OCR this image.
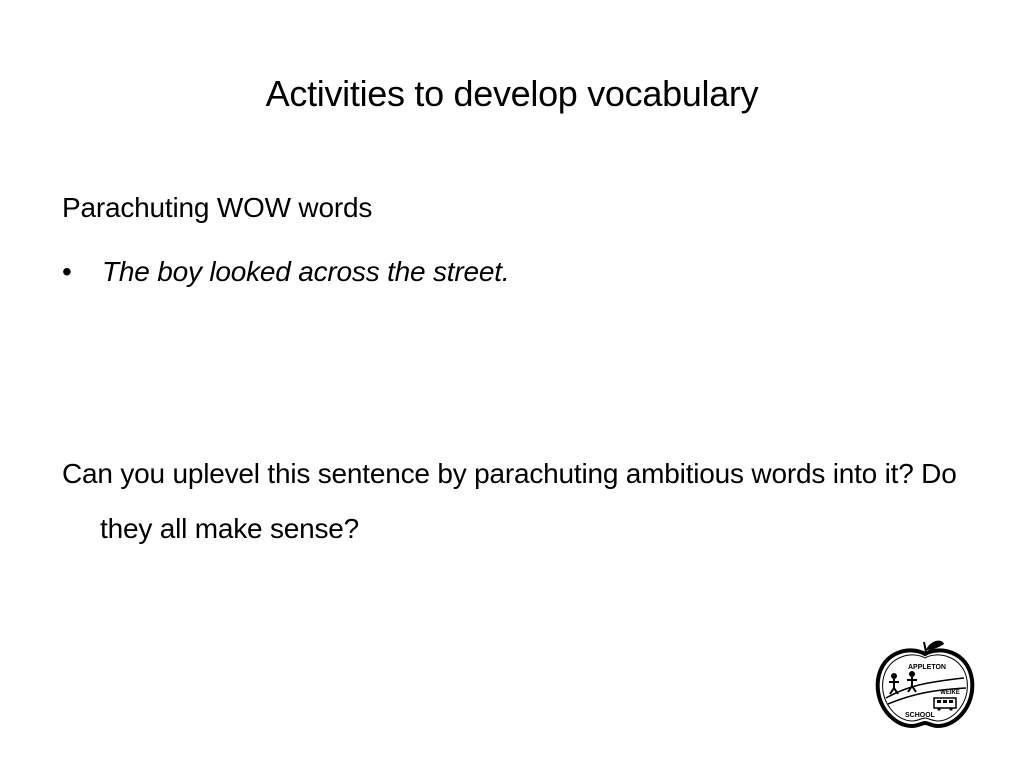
Activities to develop vocabulary
Parachuting WOW words
•	The boy looked across the street.
Can you uplevel this sentence by parachuting ambitious words into it? Do they all make sense?
APPLETON
WEIKE
SCHOOL
